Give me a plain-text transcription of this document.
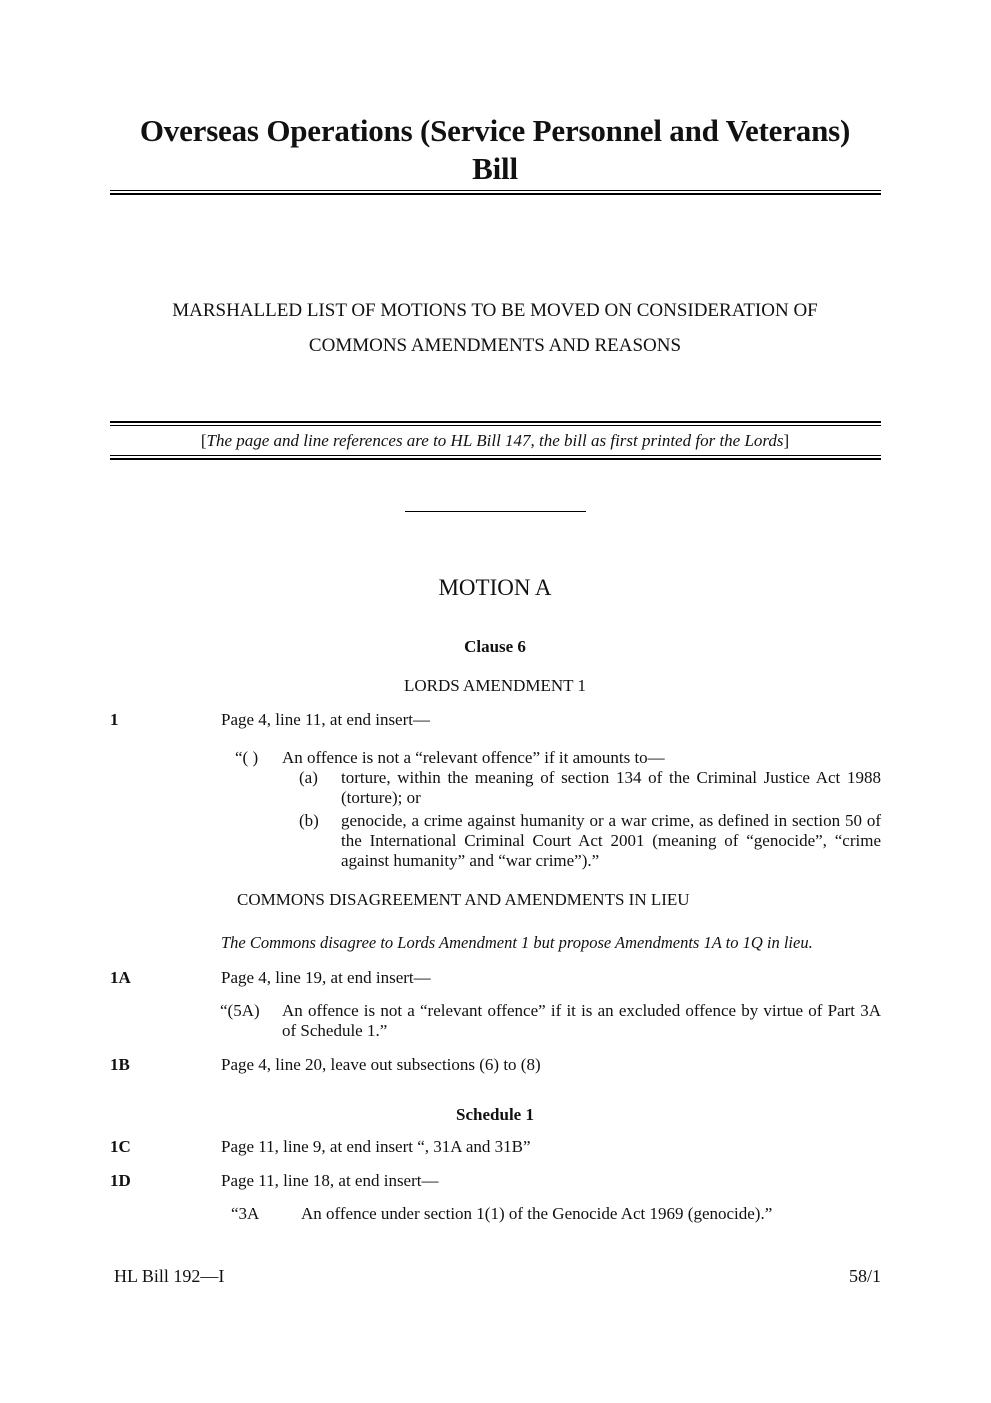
Overseas Operations (Service Personnel and Veterans)
Bill
MARSHALLED LIST OF MOTIONS TO BE MOVED ON CONSIDERATION OF
COMMONS AMENDMENTS AND REASONS
[The page and line references are to HL Bill 147, the bill as first printed for the Lords]
MOTION A
Clause 6
LORDS AMENDMENT 1
1	Page 4, line 11, at end insert—
“( ) An offence is not a “relevant offence” if it amounts to—
(a) torture, within the meaning of section 134 of the Criminal Justice Act 1988 (torture); or
(b) genocide, a crime against humanity or a war crime, as defined in section 50 of the International Criminal Court Act 2001 (meaning of “genocide”, “crime against humanity” and “war crime”).”
COMMONS DISAGREEMENT AND AMENDMENTS IN LIEU
The Commons disagree to Lords Amendment 1 but propose Amendments 1A to 1Q in lieu.
1A	Page 4, line 19, at end insert—
“(5A) An offence is not a “relevant offence” if it is an excluded offence by virtue of Part 3A of Schedule 1.”
1B	Page 4, line 20, leave out subsections (6) to (8)
Schedule 1
1C	Page 11, line 9, at end insert “, 31A and 31B”
1D	Page 11, line 18, at end insert—
“3A An offence under section 1(1) of the Genocide Act 1969 (genocide).”
HL Bill 192—I	58/1
